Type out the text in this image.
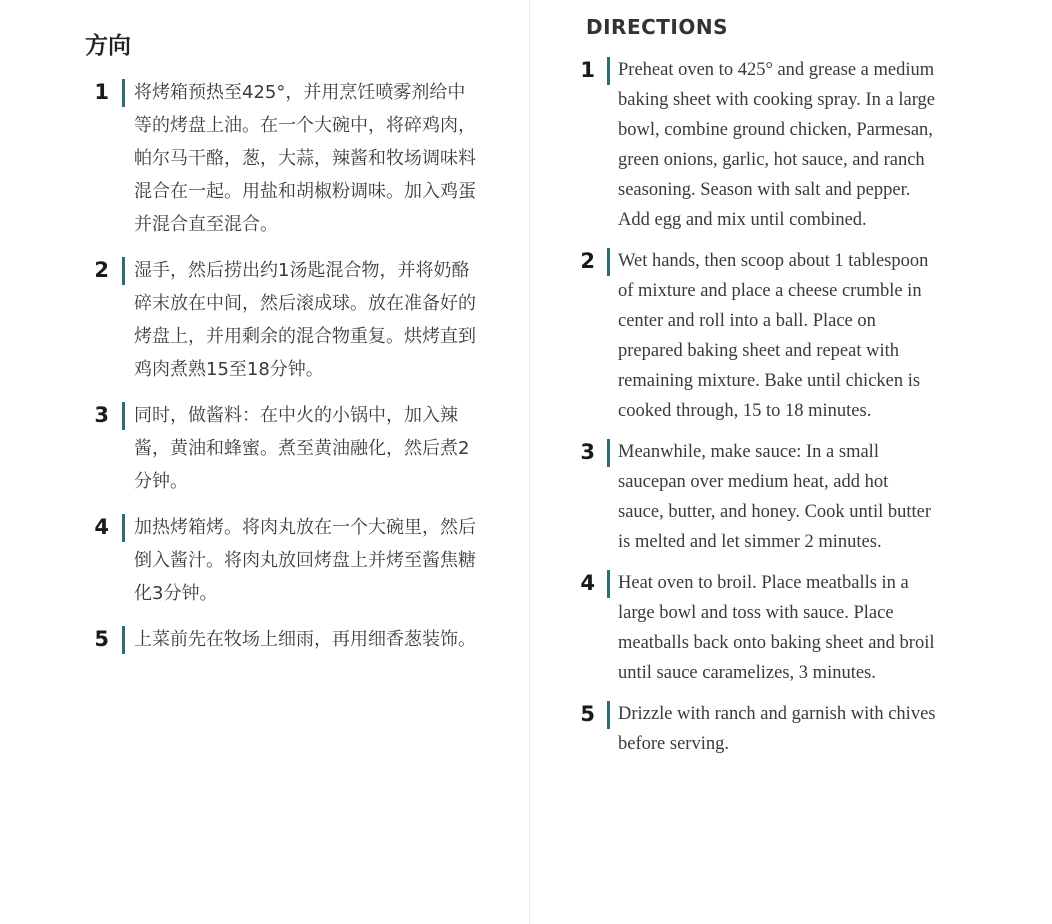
方向
1 将烤箱预热至425°，并用烹饪喷雾剂给中等的烤盘上油。在一个大碗中，将碎鸡肉，帕尔马干酪，葱，大蒜，辣酱和牧场调味料混合在一起。用盐和胡椒粉调味。加入鸡蛋并混合直至混合。
2 湿手，然后捞出约1汤匙混合物，并将奶酪碎末放在中间，然后滚成球。放在准备好的烤盘上，并用剩余的混合物重复。烘烤直到鸡肉煮熟15至18分钟。
3 同时，做酱料：在中火的小锅中，加入辣酱，黄油和蜂蜜。煮至黄油融化，然后煮2分钟。
4 加热烤箱烤。将肉丸放在一个大碗里，然后倒入酱汁。将肉丸放回烤盘上并烤至酱焦糖化3分钟。
5 上菜前先在牧场上细雨，再用细香葱装饰。
DIRECTIONS
1 Preheat oven to 425° and grease a medium baking sheet with cooking spray. In a large bowl, combine ground chicken, Parmesan, green onions, garlic, hot sauce, and ranch seasoning. Season with salt and pepper. Add egg and mix until combined.
2 Wet hands, then scoop about 1 tablespoon of mixture and place a cheese crumble in center and roll into a ball. Place on prepared baking sheet and repeat with remaining mixture. Bake until chicken is cooked through, 15 to 18 minutes.
3 Meanwhile, make sauce: In a small saucepan over medium heat, add hot sauce, butter, and honey. Cook until butter is melted and let simmer 2 minutes.
4 Heat oven to broil. Place meatballs in a large bowl and toss with sauce. Place meatballs back onto baking sheet and broil until sauce caramelizes, 3 minutes.
5 Drizzle with ranch and garnish with chives before serving.
